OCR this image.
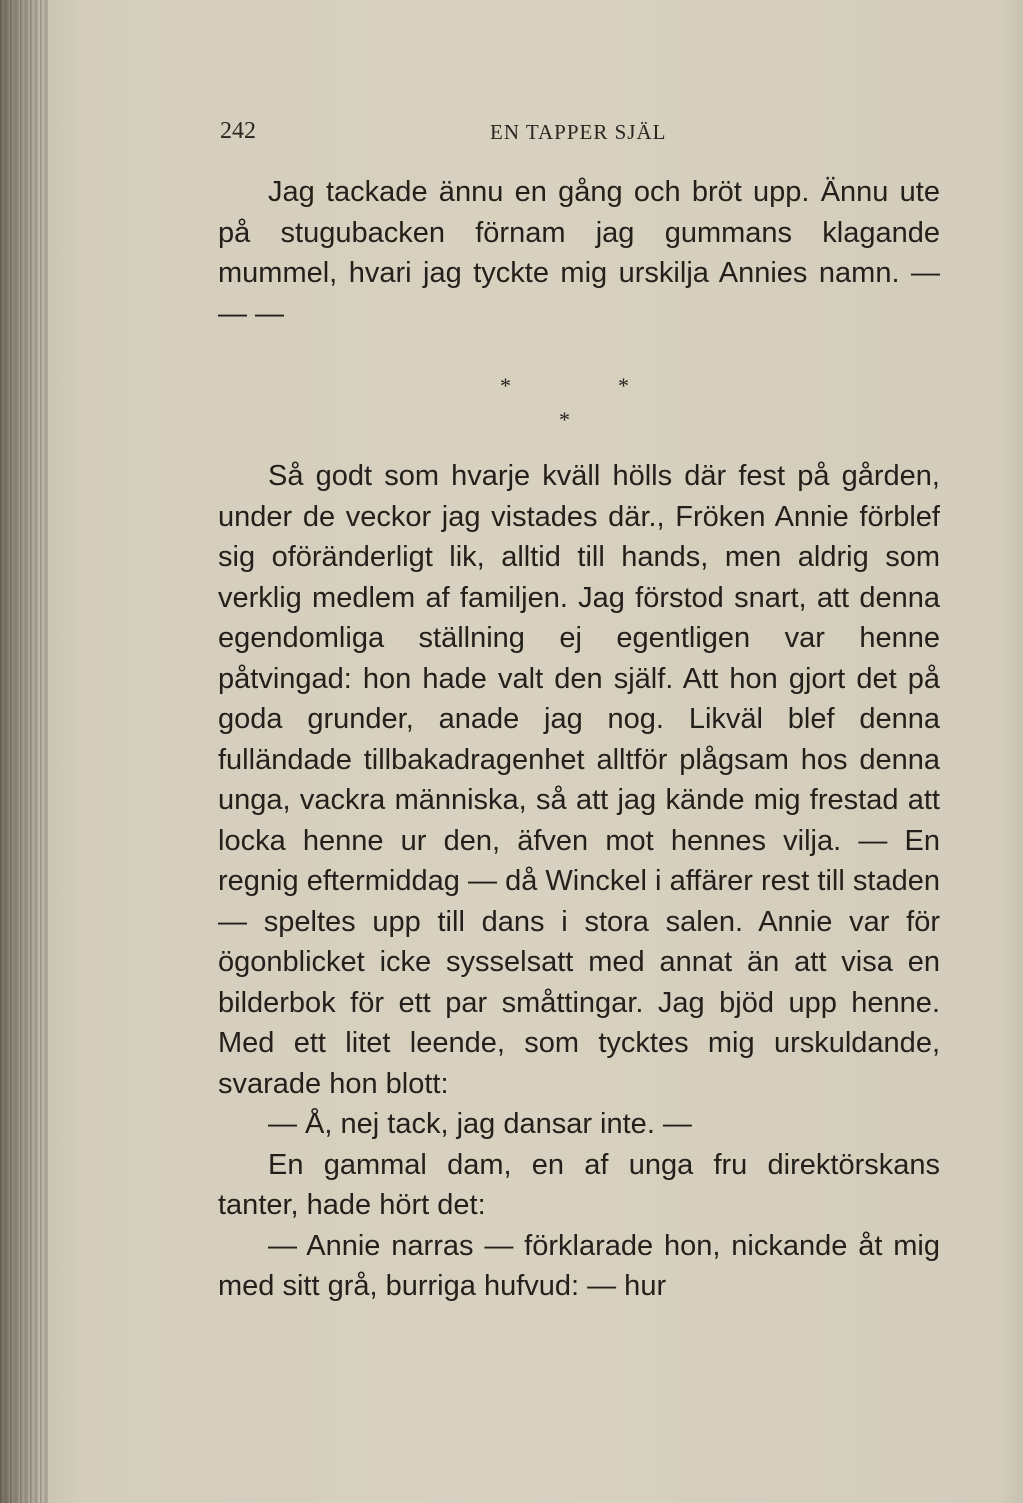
242	EN TAPPER SJÄL

Jag tackade ännu en gång och bröt upp. Ännu ute på stugubacken förnam jag gummans klagande mummel, hvari jag tyckte mig urskilja Annies namn. — — —

*	*
*

Så godt som hvarje kväll hölls där fest på gården, under de veckor jag vistades där., Fröken Annie förblef sig oföränderligt lik, alltid till hands, men aldrig som verklig medlem af familjen. Jag förstod snart, att denna egendomliga ställning ej egentligen var henne påtvingad: hon hade valt den själf. Att hon gjort det på goda grunder, anade jag nog. Likväl blef denna fulländade tillbakadragenhet alltför plågsam hos denna unga, vackra människa, så att jag kände mig frestad att locka henne ur den, äfven mot hennes vilja. — En regnig eftermiddag — då Winckel i affärer rest till staden — speltes upp till dans i stora salen. Annie var för ögonblicket icke sysselsatt med annat än att visa en bilderbok för ett par småttingar. Jag bjöd upp henne. Med ett litet leende, som tycktes mig urskuldande, svarade hon blott:

— Å, nej tack, jag dansar inte. —

En gammal dam, en af unga fru direktörskans tanter, hade hört det:

— Annie narras — förklarade hon, nickande åt mig med sitt grå, burriga hufvud: — hur
